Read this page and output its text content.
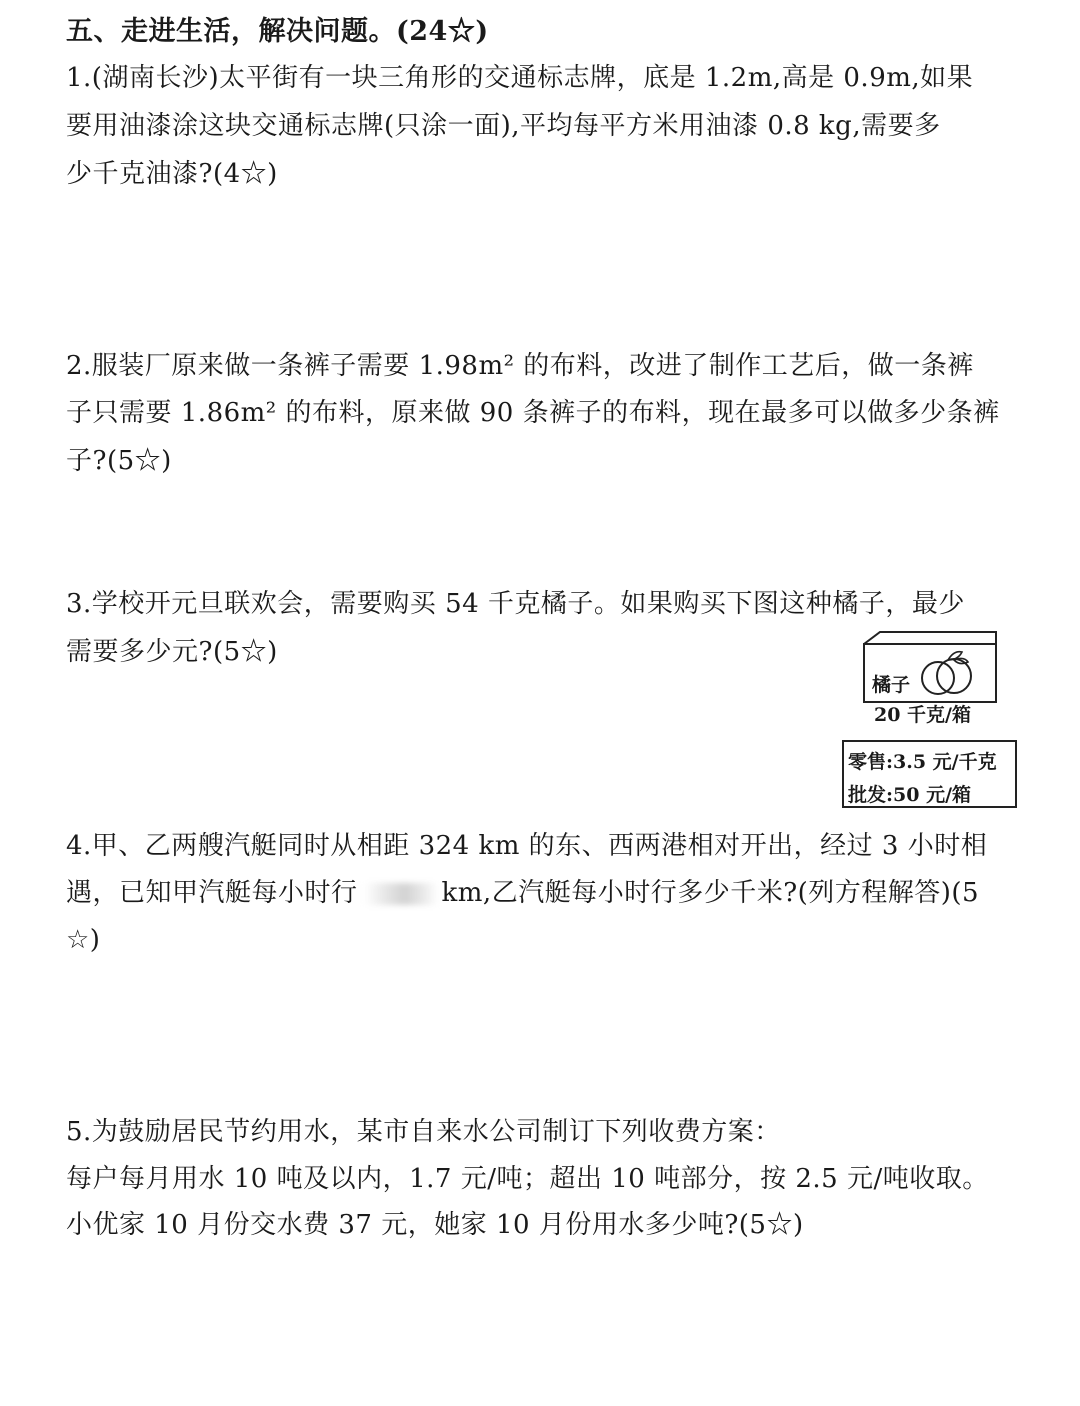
五、走进生活，解决问题。(24☆)
1.(湖南长沙)太平街有一块三角形的交通标志牌，底是 1.2m,高是 0.9m,如果
要用油漆涂这块交通标志牌(只涂一面),平均每平方米用油漆 0.8 kg,需要多
少千克油漆?(4☆)
2.服装厂原来做一条裤子需要 1.98m² 的布料，改进了制作工艺后，做一条裤
子只需要 1.86m² 的布料，原来做 90 条裤子的布料，现在最多可以做多少条裤
子?(5☆)
3.学校开元旦联欢会，需要购买 54 千克橘子。如果购买下图这种橘子，最少
需要多少元?(5☆)
橘子
20 千克/箱
零售:3.5 元/千克
批发:50 元/箱
4.甲、乙两艘汽艇同时从相距 324 km 的东、西两港相对开出，经过 3 小时相
遇，已知甲汽艇每小时行	km,乙汽艇每小时行多少千米?(列方程解答)(5
☆)
5.为鼓励居民节约用水，某市自来水公司制订下列收费方案：
每户每月用水 10 吨及以内，1.7 元/吨；超出 10 吨部分，按 2.5 元/吨收取。
小优家 10 月份交水费 37 元，她家 10 月份用水多少吨?(5☆)
